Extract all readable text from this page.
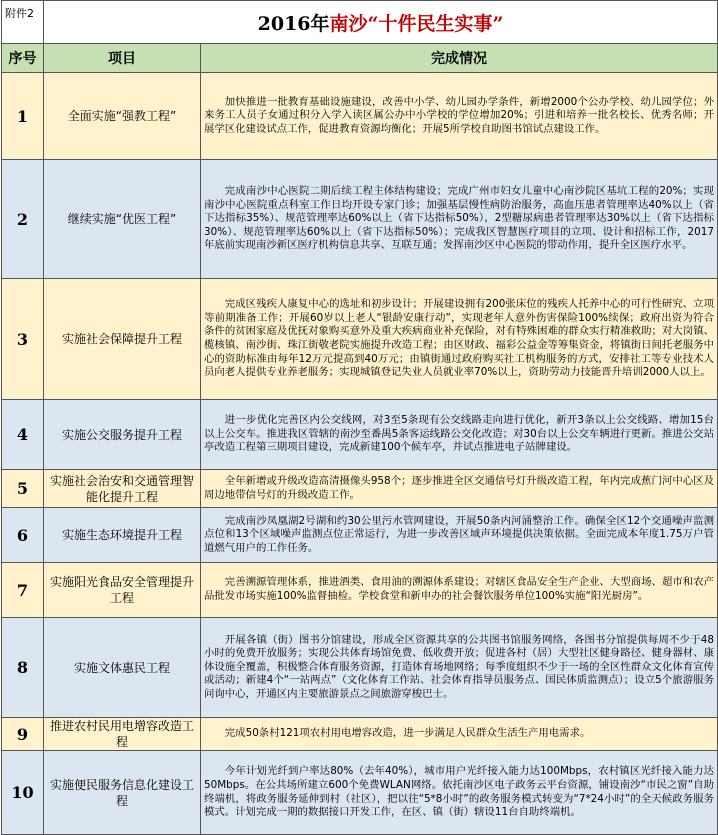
附件2	2016年南沙“十件民生实事”	
序号	项目	完成情况
1	全面实施“强教工程”	加快推进一批教育基础设施建设，改善中小学、幼儿园办学条件，新增2000个公办学校、幼儿园学位；外来务工人员子女通过积分入学入读区属公办中小学校的学位增加20%；引进和培养一批名校长、优秀名师；开展学区化建设试点工作，促进教育资源均衡化；开展5所学校自助图书馆试点建设工作。
2	继续实施“优医工程”	完成南沙中心医院二期后续工程主体结构建设；完成广州市妇女儿童中心南沙院区基坑工程的20%；实现南沙中心医院重点科室工作日均开设专家门诊；加强基层慢性病防治服务，高血压患者管理率达40%以上（省下达指标35%）、规范管理率达60%以上（省下达指标50%），2型糖尿病患者管理率达30%以上（省下达指标30%）、规范管理率达60%以上（省下达指标50%）；完成我区智慧医疗项目的立项、设计和招标工作，2017年底前实现南沙新区医疗机构信息共享、互联互通；发挥南沙区中心医院的带动作用，提升全区医疗水平。
3	实施社会保障提升工程	完成区残疾人康复中心的选址和初步设计；开展建设拥有200张床位的残疾人托养中心的可行性研究、立项等前期准备工作；开展60岁以上老人“银龄安康行动”，实现老年人意外伤害保险100%续保；政府出资为符合条件的贫困家庭及优抚对象购买意外及重大疾病商业补充保险，对有特殊困难的群众实行精准救助；对大岗镇、榄核镇、南沙街、珠江街敬老院实施提升改造工程；由区财政、福彩公益金等筹集资金，将镇街日间托老服务中心的资助标准由每年12万元提高到40万元；由镇街通过政府购买社工机构服务的方式，安排社工等专业技术人员向老人提供专业养老服务；实现城镇登记失业人员就业率70%以上，资助劳动力技能晋升培训2000人以上。
4	实施公交服务提升工程	进一步优化完善区内公交线网，对3至5条现有公交线路走向进行优化，新开3条以上公交线路、增加15台以上公交车。推进我区管辖的南沙至番禺5条客运线路公交化改造；对30台以上公交车辆进行更新。推进公交站亭改造工程第三期项目建设，完成新建100个候车亭，并试点推进电子站牌建设。
5	实施社会治安和交通管理智能化提升工程	全年新增或升级改造高清摄像头958个；逐步推进全区交通信号灯升级改造工程，年内完成蕉门河中心区及周边地带信号灯的升级改造工作。
6	实施生态环境提升工程	完成南沙凤凰湖2号湖和约30公里污水管网建设，开展50条内河涌整治工作。确保全区12个交通噪声监测点位和13个区域噪声监测点位正常运行，为进一步改善区域声环境提供决策依据。全面完成本年度1.75万户管道燃气用户的工作任务。
7	实施阳光食品安全管理提升工程	完善溯源管理体系，推进酒类、食用油的溯源体系建设；对辖区食品安全生产企业、大型商场、超市和农产品批发市场实施100%监督抽检。学校食堂和新申办的社会餐饮服务单位100%实施“阳光厨房”。
8	实施文体惠民工程	开展各镇（街）图书分馆建设，形成全区资源共享的公共图书馆服务网络，各图书分馆提供每周不少于48小时的免费开放服务；实现公共体育场馆免费、低收费开放；促进各村（居）大型社区健身路径、健身器材、康体设施全覆盖，积极整合体育服务资源，打造体育场地网络；每季度组织不少于一场的全区性群众文化体育宣传或活动；新建4个“一站两点”（文化体育工作站、社会体育指导员服务点、国民体质监测点）；设立5个旅游服务问询中心，开通区内主要旅游景点之间旅游穿梭巴士。
9	推进农村民用电增容改造工程	完成50条村121项农村用电增容改造，进一步满足人民群众生活生产用电需求。
10	实施便民服务信息化建设工程	今年计划光纤到户率达80%（去年40%），城市用户光纤接入能力达100Mbps，农村镇区光纤接入能力达50Mbps。在公共场所建立600个免费WLAN网络。依托南沙区电子政务云平台资源，铺设南沙“市民之窗”自助终端机，将政务服务延伸到村（社区），把以往“5*8小时”的政务服务模式转变为“7*24小时”的全天候政务服务模式。计划完成一期的数据接口开发工作，在区、镇（街）辖设11台自助终端机。
